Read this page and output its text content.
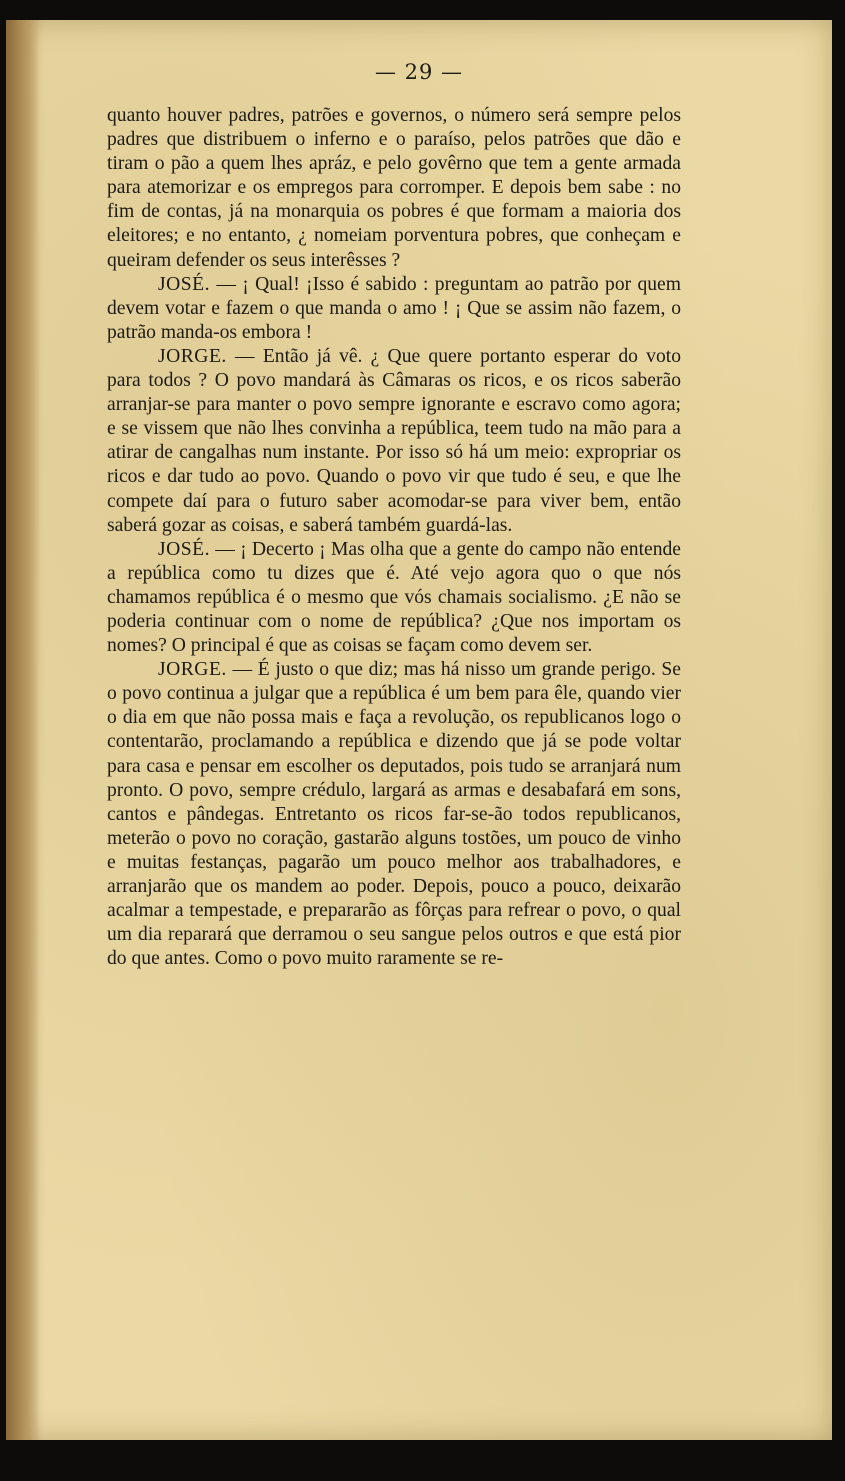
— 29 —

quanto houver padres, patrões e governos, o número será sempre pelos padres que distribuem o inferno e o paraíso, pelos patrões que dão e tiram o pão a quem lhes apráz, e pelo govêrno que tem a gente armada para atemorizar e os empregos para corromper. E depois bem sabe : no fim de contas, já na monarquia os pobres é que formam a maioria dos eleitores; e no entanto, ¿ nomeiam porventura pobres, que conheçam e queiram defender os seus interêsses ?

JOSÉ. — ¡ Qual! ¡Isso é sabido : preguntam ao patrão por quem devem votar e fazem o que manda o amo ! ¡ Que se assim não fazem, o patrão manda-os embora !

JORGE. — Então já vê. ¿ Que quere portanto esperar do voto para todos ? O povo mandará às Câmaras os ricos, e os ricos saberão arranjar-se para manter o povo sempre ignorante e escravo como agora; e se vissem que não lhes convinha a república, teem tudo na mão para a atirar de cangalhas num instante. Por isso só há um meio: expropriar os ricos e dar tudo ao povo. Quando o povo vir que tudo é seu, e que lhe compete daí para o futuro saber acomodar-se para viver bem, então saberá gozar as coisas, e saberá também guardá-las.

JOSÉ. — ¡ Decerto ¡ Mas olha que a gente do campo não entende a república como tu dizes que é. Até vejo agora quo o que nós chamamos república é o mesmo que vós chamais socialismo. ¿E não se poderia continuar com o nome de república? ¿Que nos importam os nomes? O principal é que as coisas se façam como devem ser.

JORGE. — É justo o que diz; mas há nisso um grande perigo. Se o povo continua a julgar que a república é um bem para êle, quando vier o dia em que não possa mais e faça a revolução, os republicanos logo o contentarão, proclamando a república e dizendo que já se pode voltar para casa e pensar em escolher os deputados, pois tudo se arranjará num pronto. O povo, sempre crédulo, largará as armas e desabafará em sons, cantos e pândegas. Entretanto os ricos far-se-ão todos republicanos, meterão o povo no coração, gastarão alguns tostões, um pouco de vinho e muitas festanças, pagarão um pouco melhor aos trabalhadores, e arranjarão que os mandem ao poder. Depois, pouco a pouco, deixarão acalmar a tempestade, e prepararão as fôrças para refrear o povo, o qual um dia reparará que derramou o seu sangue pelos outros e que está pior do que antes. Como o povo muito raramente se re-
